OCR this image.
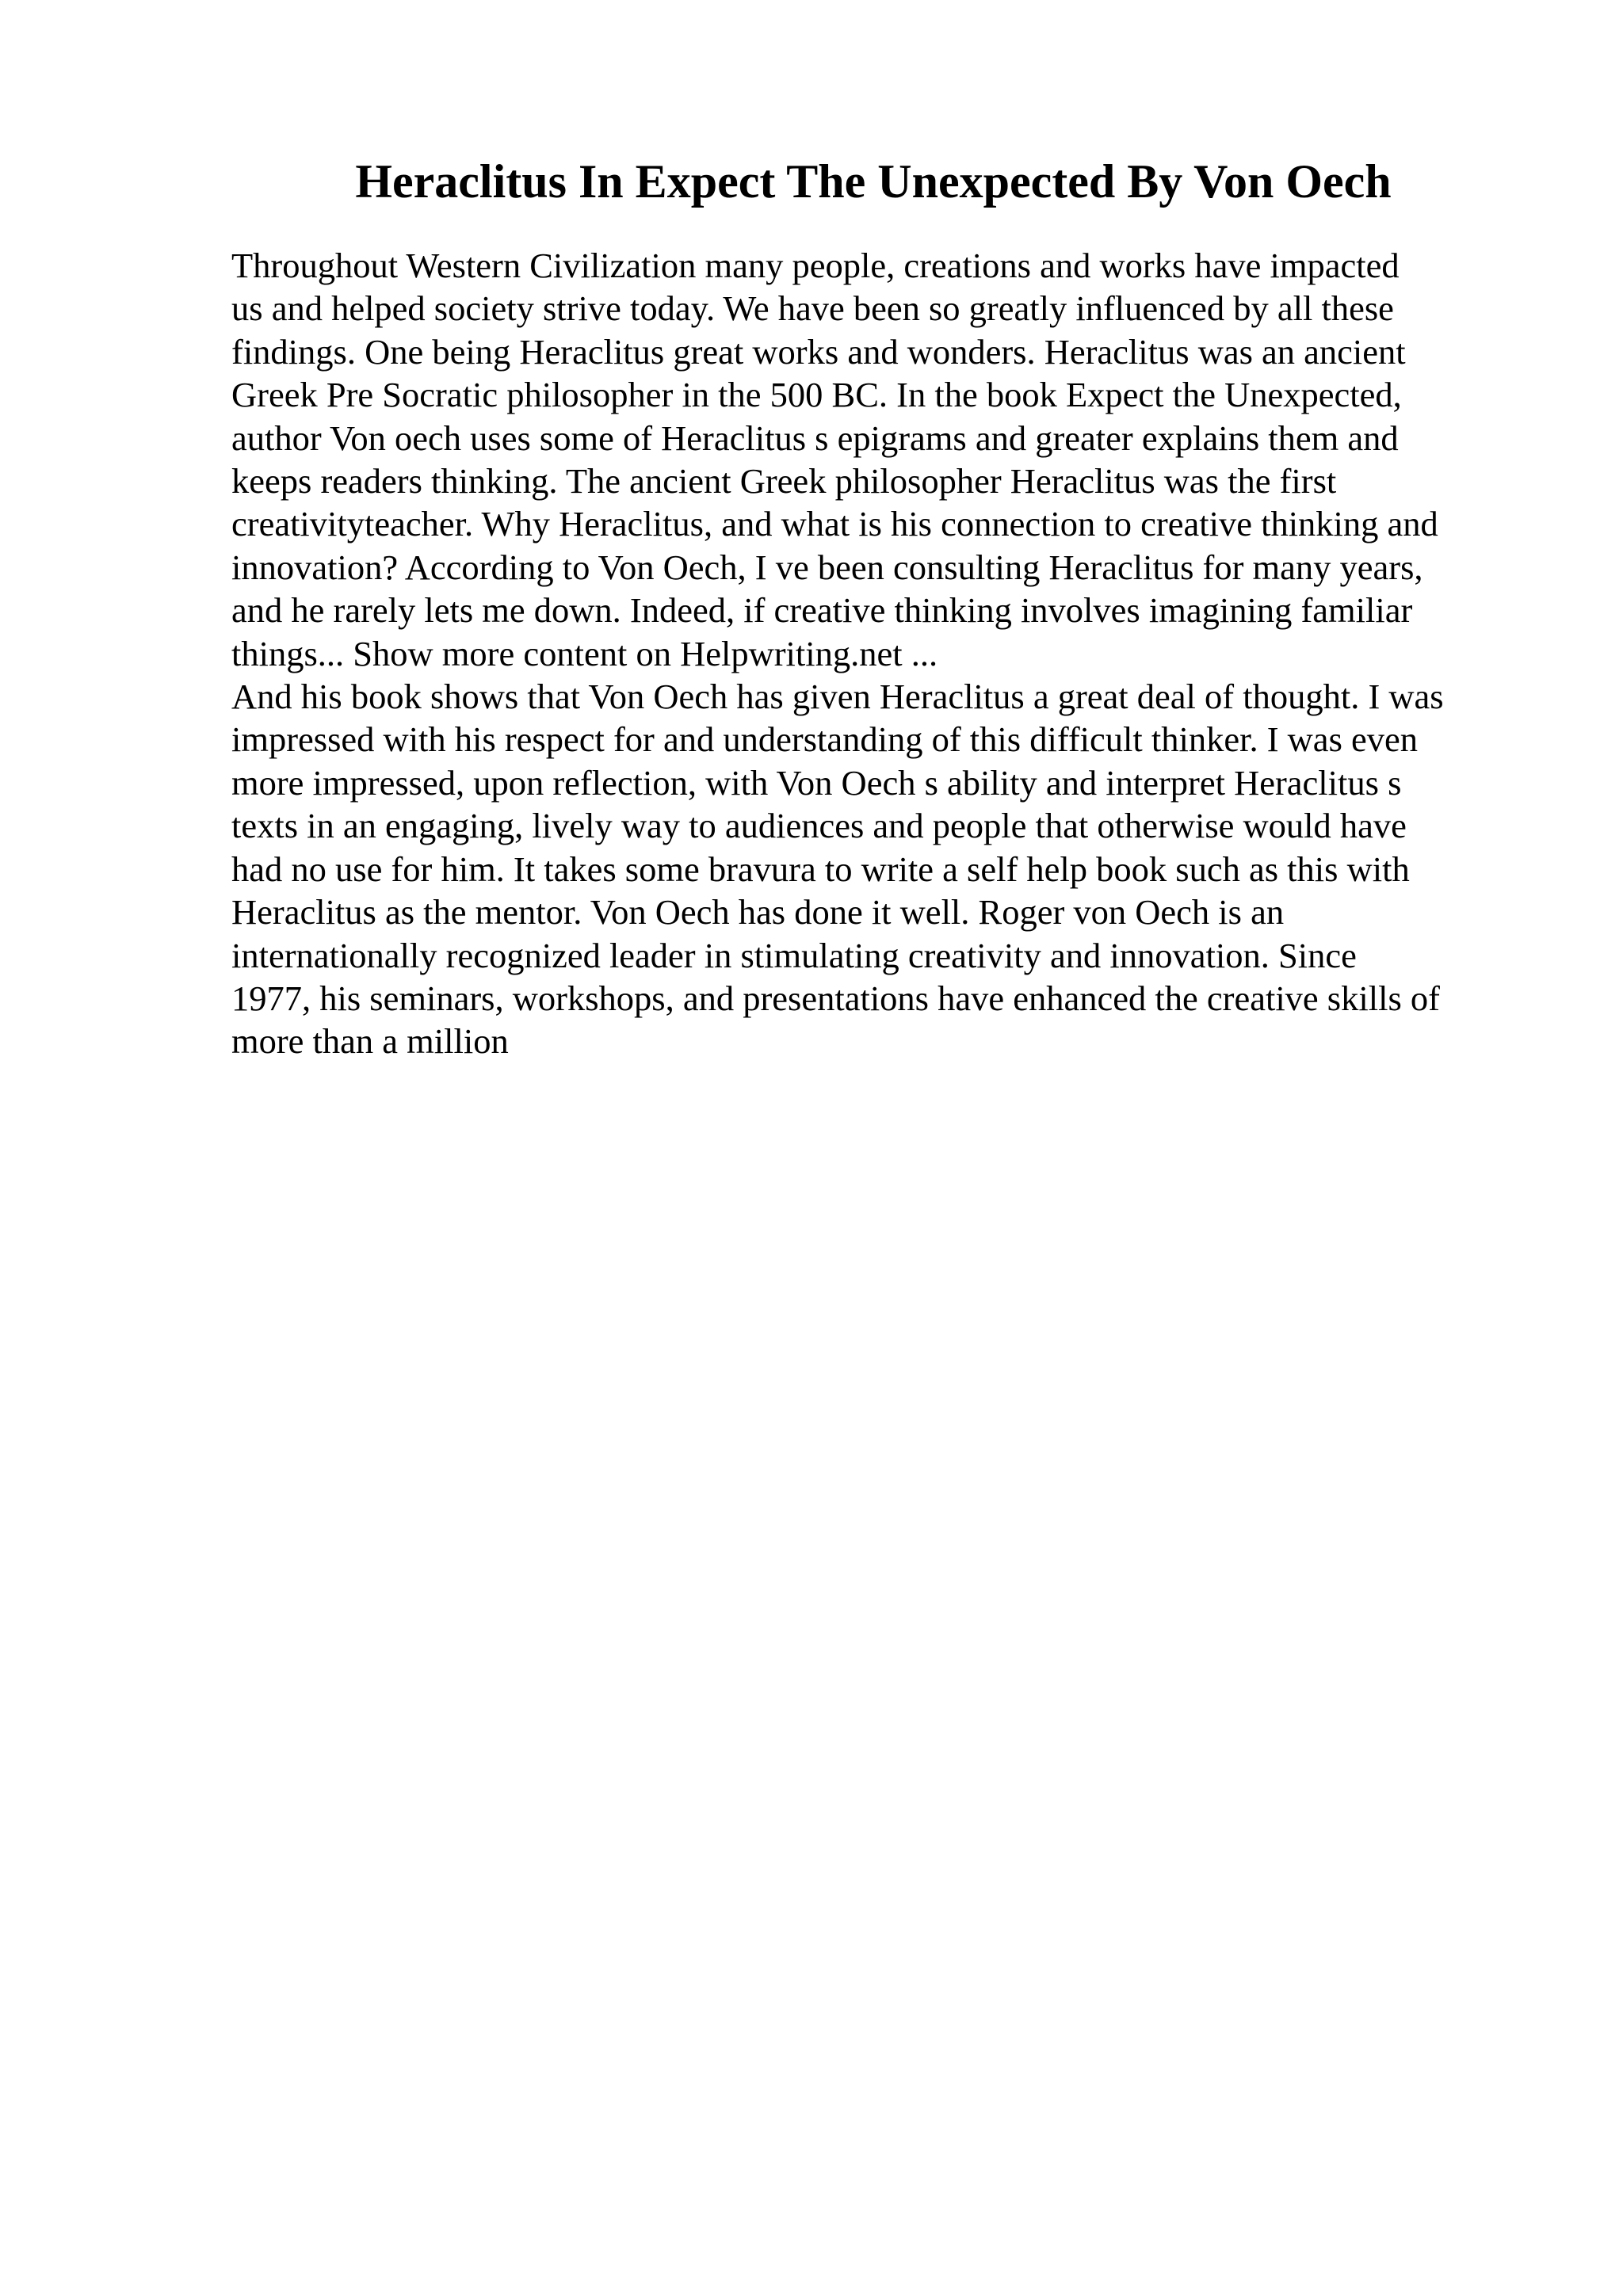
Heraclitus In Expect The Unexpected By Von Oech
Throughout Western Civilization many people, creations and works have impacted
us and helped society strive today. We have been so greatly influenced by all these
findings. One being Heraclitus great works and wonders. Heraclitus was an ancient
Greek Pre Socratic philosopher in the 500 BC. In the book Expect the Unexpected,
author Von oech uses some of Heraclitus s epigrams and greater explains them and
keeps readers thinking. The ancient Greek philosopher Heraclitus was the first
creativityteacher. Why Heraclitus, and what is his connection to creative thinking and
innovation? According to Von Oech, I ve been consulting Heraclitus for many years,
and he rarely lets me down. Indeed, if creative thinking involves imagining familiar
things... Show more content on Helpwriting.net ...
And his book shows that Von Oech has given Heraclitus a great deal of thought. I was
impressed with his respect for and understanding of this difficult thinker. I was even
more impressed, upon reflection, with Von Oech s ability and interpret Heraclitus s
texts in an engaging, lively way to audiences and people that otherwise would have
had no use for him. It takes some bravura to write a self help book such as this with
Heraclitus as the mentor. Von Oech has done it well. Roger von Oech is an
internationally recognized leader in stimulating creativity and innovation. Since
1977, his seminars, workshops, and presentations have enhanced the creative skills of
more than a million
